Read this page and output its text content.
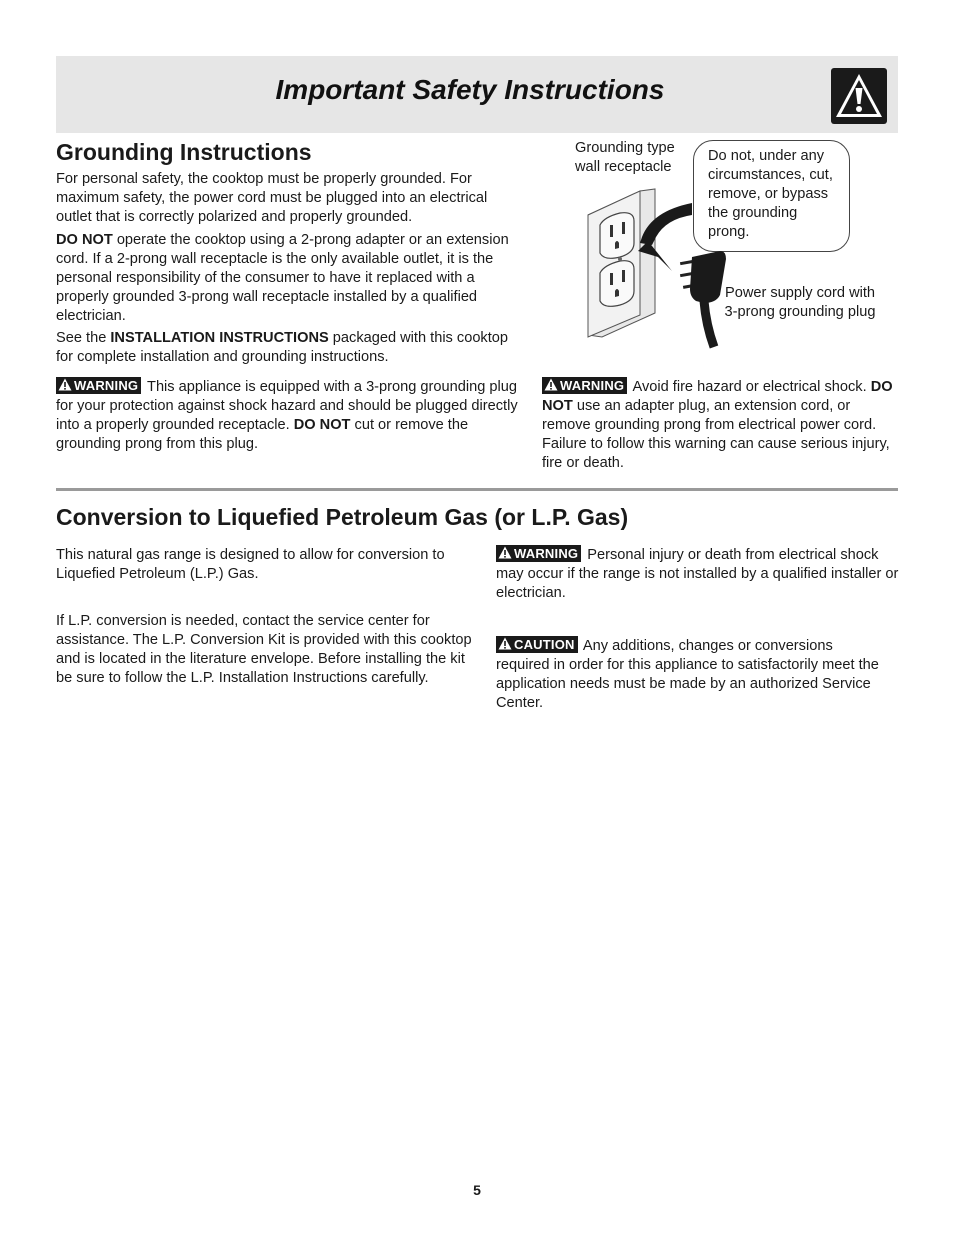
Important Safety Instructions
Grounding Instructions

For personal safety, the cooktop must be properly grounded. For maximum safety, the power cord must be plugged into an electrical outlet that is correctly polarized and properly grounded.

DO NOT operate the cooktop using a 2-prong adapter or an extension cord. If a 2-prong wall receptacle is the only available outlet, it is the personal responsibility of the consumer to have it replaced with a properly grounded 3-prong wall receptacle installed by a qualified electrician.

See the INSTALLATION INSTRUCTIONS packaged with this cooktop for complete installation and grounding instructions.

WARNING This appliance is equipped with a 3-prong grounding plug for your protection against shock hazard and should be plugged directly into a properly grounded receptacle. DO NOT cut or remove the grounding prong from this plug.

Grounding type wall receptacle

Do not, under any circumstances, cut, remove, or bypass the grounding prong.

Power supply cord with
3-prong grounding plug

WARNING Avoid fire hazard or electrical shock. DO NOT use an adapter plug, an extension cord, or remove grounding prong from electrical power cord. Failure to follow this warning can cause serious injury, fire or death.

Conversion to Liquefied Petroleum Gas (or L.P. Gas)

This natural gas range is designed to allow for conversion to Liquefied Petroleum (L.P.) Gas.

If L.P. conversion is needed, contact the service center for assistance. The L.P. Conversion Kit is provided with this cooktop and is located in the literature envelope. Before installing the kit be sure to follow the L.P. Installation Instructions carefully.

WARNING Personal injury or death from electrical shock may occur if the range is not installed by a qualified installer or electrician.

CAUTION Any additions, changes or conversions required in order for this appliance to satisfactorily meet the application needs must be made by an authorized Service Center.

5
